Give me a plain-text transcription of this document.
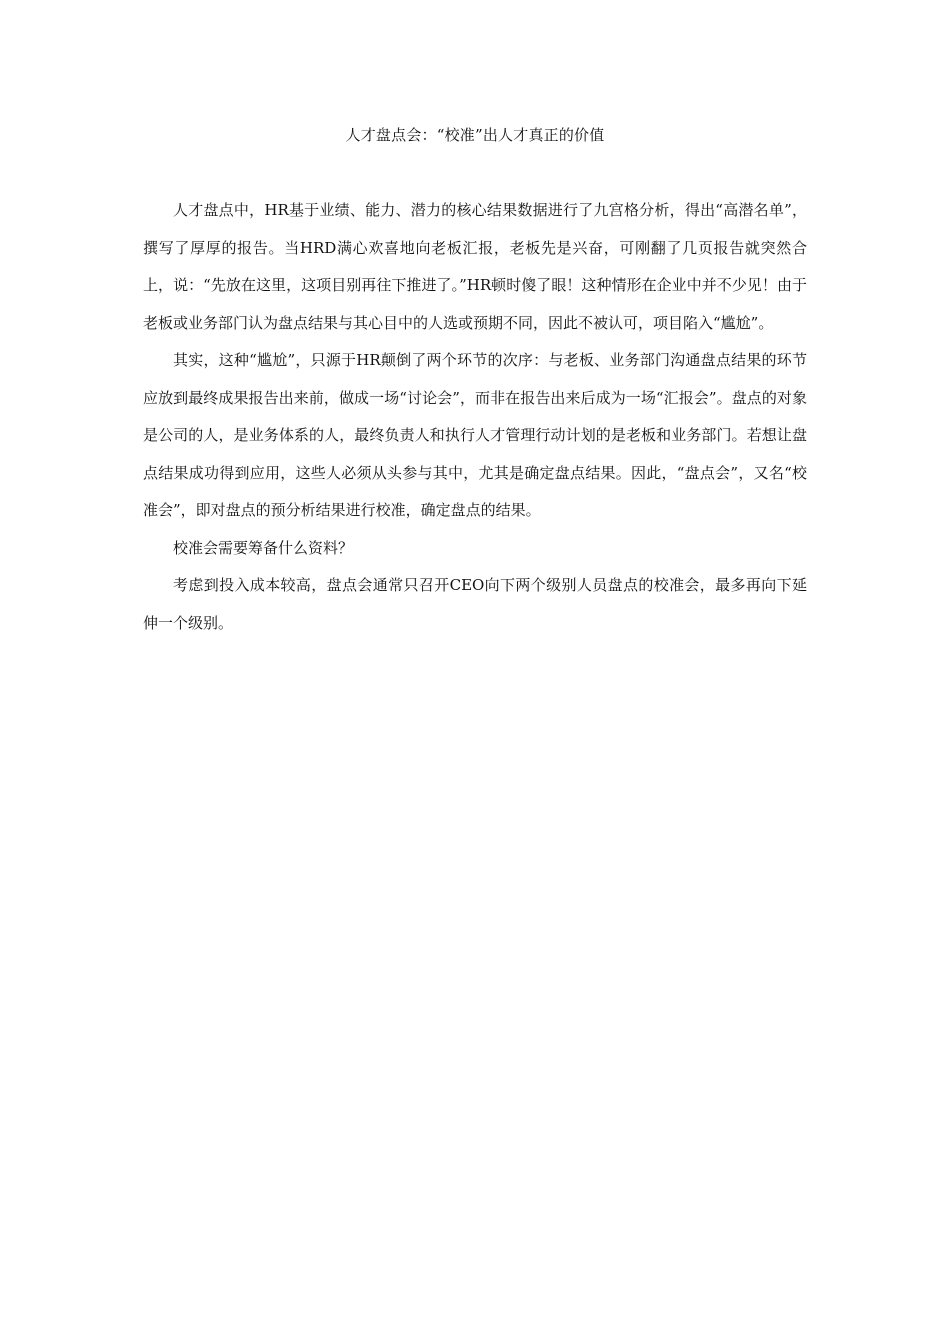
人才盘点会：“校准”出人才真正的价值

人才盘点中，HR基于业绩、能力、潜力的核心结果数据进行了九宫格分析，得出“高潜名单”，撰写了厚厚的报告。当HRD满心欢喜地向老板汇报，老板先是兴奋，可刚翻了几页报告就突然合上，说：“先放在这里，这项目别再往下推进了。”HR顿时傻了眼！这种情形在企业中并不少见！由于老板或业务部门认为盘点结果与其心目中的人选或预期不同，因此不被认可，项目陷入“尴尬”。

其实，这种“尴尬”，只源于HR颠倒了两个环节的次序：与老板、业务部门沟通盘点结果的环节应放到最终成果报告出来前，做成一场“讨论会”，而非在报告出来后成为一场“汇报会”。盘点的对象是公司的人，是业务体系的人，最终负责人和执行人才管理行动计划的是老板和业务部门。若想让盘点结果成功得到应用，这些人必须从头参与其中，尤其是确定盘点结果。因此，“盘点会”，又名“校准会”，即对盘点的预分析结果进行校准，确定盘点的结果。

校准会需要筹备什么资料？

考虑到投入成本较高，盘点会通常只召开CEO向下两个级别人员盘点的校准会，最多再向下延伸一个级别。
